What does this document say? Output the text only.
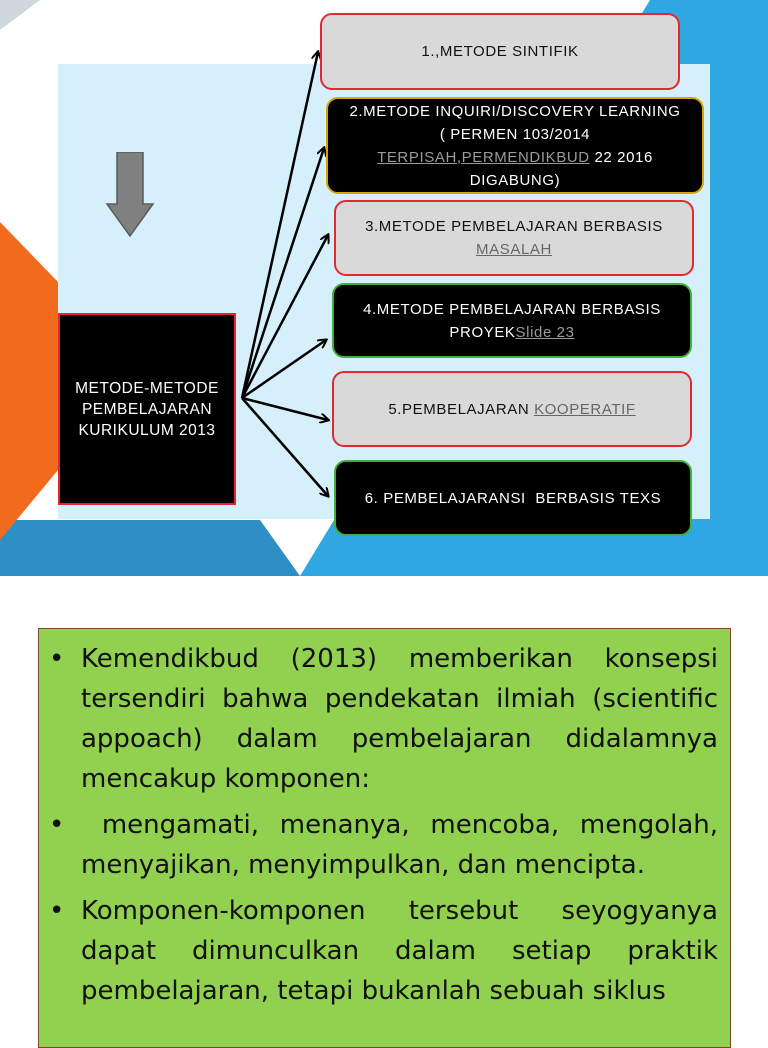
METODE-METODE
PEMBELAJARAN
KURIKULUM 2013
1.,METODE SINTIFIK
2.METODE INQUIRI/DISCOVERY LEARNING
( PERMEN 103/2014
TERPISAH,PERMENDIKBUD 22 2016
DIGABUNG)
3.METODE PEMBELAJARAN BERBASIS
MASALAH
4.METODE PEMBELAJARAN BERBASIS
PROYEKSlide 23
5.PEMBELAJARAN KOOPERATIF
6. PEMBELAJARANSI  BERBASIS TEXS
• Kemendikbud (2013) memberikan konsepsi tersendiri bahwa pendekatan ilmiah (scientific appoach) dalam pembelajaran didalamnya mencakup komponen:
• mengamati, menanya, mencoba, mengolah, menyajikan, menyimpulkan, dan mencipta.
• Komponen-komponen tersebut seyogyanya dapat dimunculkan dalam setiap praktik pembelajaran, tetapi bukanlah sebuah siklus
